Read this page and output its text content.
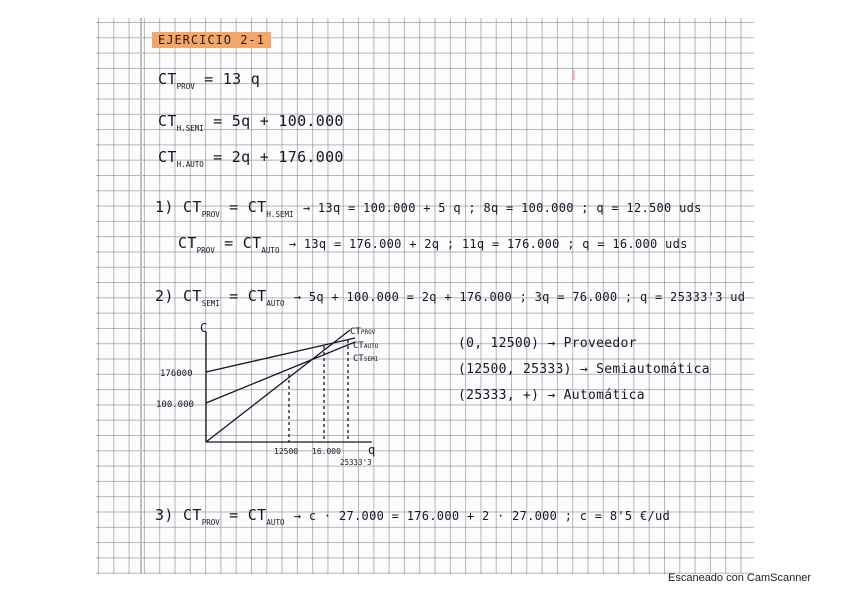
EJERCICIO 2-1
$CT_{PROV} = 13$ q
$CT_{H.SEMI} = 5q + 100.000$
$CT_{H.AUTO} = 2q + 176.000$
1) $CT_{PROV} = CT_{H.SEMI} \to 13q = 100.000 + 5$ q ; 8q = 100.000 ; q = 12.500 uds
$CT_{PROV} = CT_{AUTO} \to 13q = 176.000 + 2q$ ; 11q = 176.000 ; q = 16.000 uds
2) $CT_{SEMI} = CT_{AUTO} \to 5q + 100.000 = 2q + 176.000$ ; 3q = 76.000 ; q = 25333'3 ud
C
q
176000
100.000
12500 16.000
25333'3
CTPROV
CTAUTO
CTSEMI
(0, 12500) → Proveedor
(12500, 25333) → Semiautomática
(25333, +) → Automática
3) $CT_{PROV} = CT_{AUTO} \to c \cdot 27.000 = 176.000 + 2 \cdot 27.000$ ; c = 8'5 €/ud
Escaneado con CamScanner
